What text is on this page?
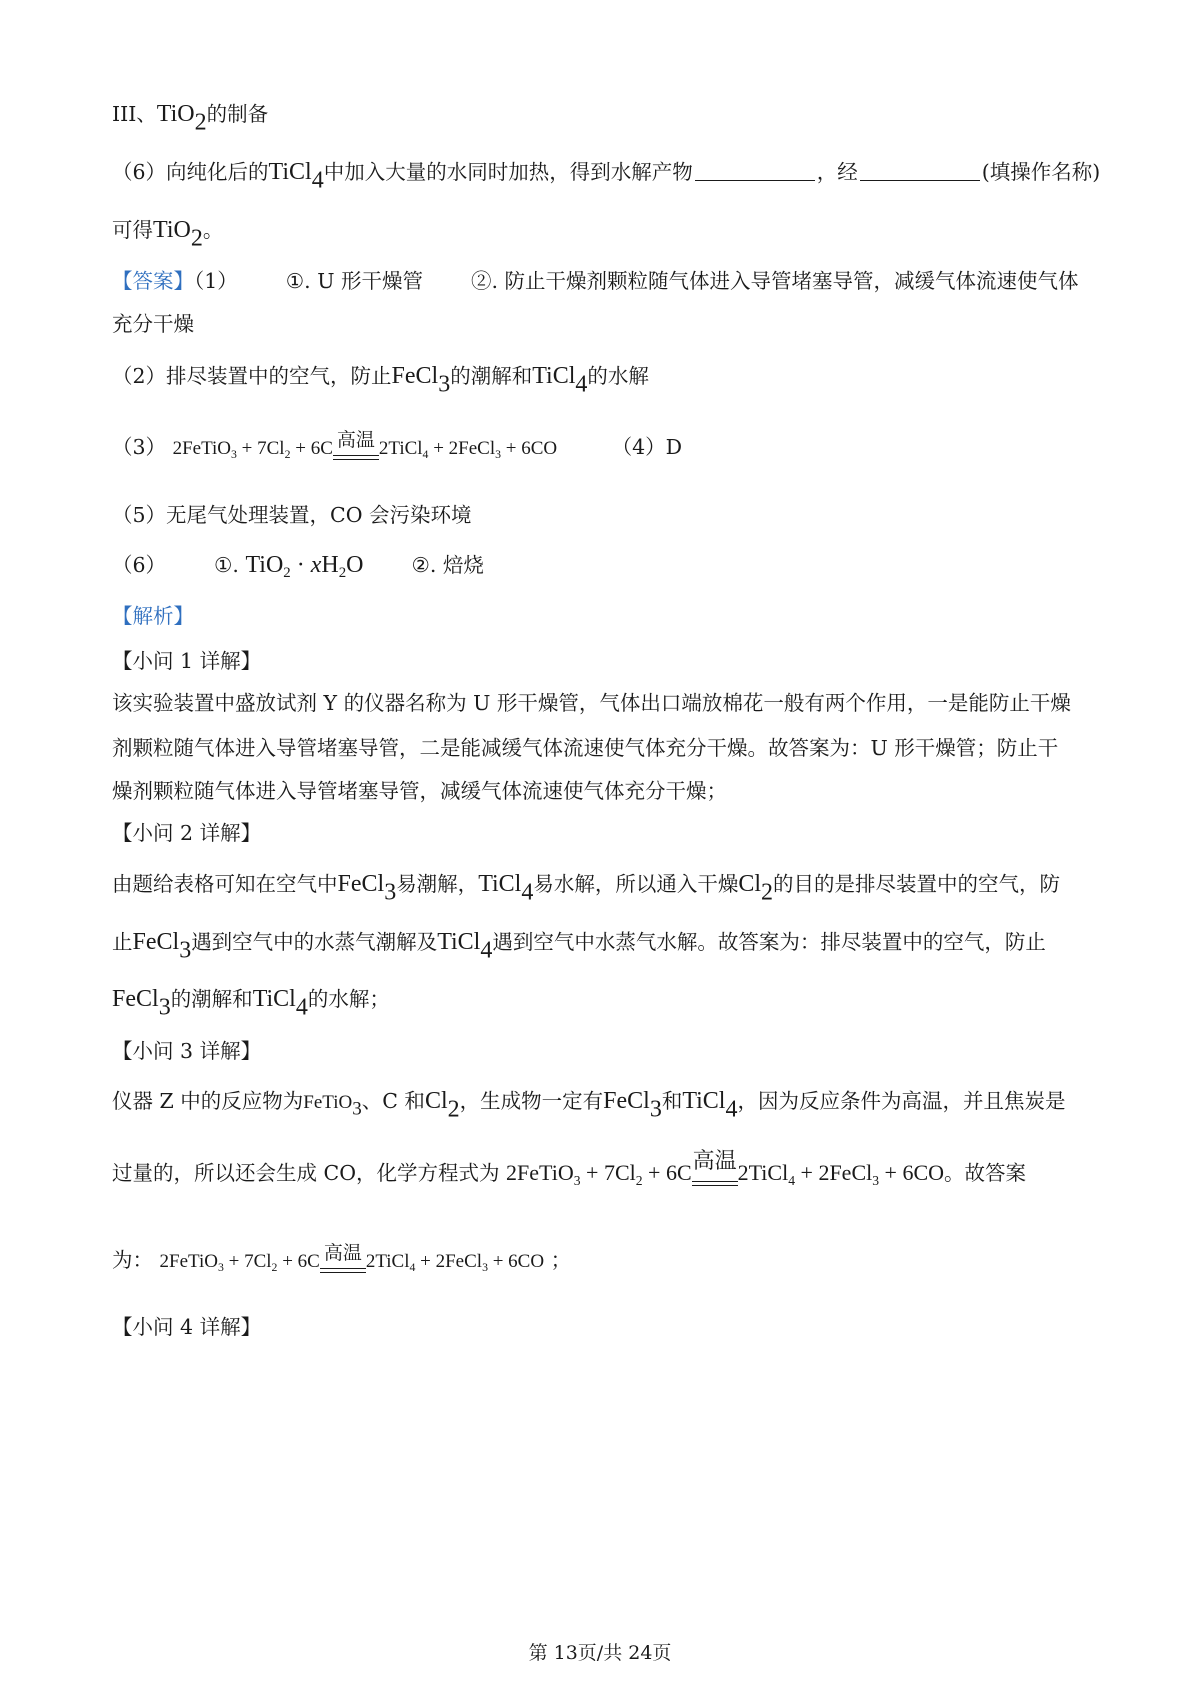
III、TiO$_2$的制备
（6）向纯化后的TiCl$_4$中加入大量的水同时加热，得到水解产物	，经	(填操作名称)
可得TiO$_2$。
【答案】（1） ①. U 形干燥管 ②. 防止干燥剂颗粒随气体进入导管堵塞导管，减缓气体流速使气体
充分干燥
（2）排尽装置中的空气，防止FeCl$_3$的潮解和TiCl$_4$的水解
（3） 2FeTiO$_3$ + $7Cl_2 + 6C$ 高温 2TiCl$_4$ + 2FeCl$_3$ + 6CO	（4）D
（5）无尾气处理装置，CO 会污染环境
（6） ①. $TiO_2 \cdot xH_2O$ ②. 焙烧
【解析】
【小问 1 详解】
该实验装置中盛放试剂 Y 的仪器名称为 U 形干燥管，气体出口端放棉花一般有两个作用，一是能防止干燥
剂颗粒随气体进入导管堵塞导管，二是能减缓气体流速使气体充分干燥。故答案为：U 形干燥管；防止干
燥剂颗粒随气体进入导管堵塞导管，减缓气体流速使气体充分干燥；
【小问 2 详解】
由题给表格可知在空气中FeCl$_3$易潮解，TiCl$_4$易水解，所以通入干燥$Cl_2$的目的是排尽装置中的空气，防
止FeCl$_3$遇到空气中的水蒸气潮解及TiCl$_4$遇到空气中水蒸气水解。故答案为：排尽装置中的空气，防止
FeCl$_3$的潮解和TiCl$_4$的水解；
【小问 3 详解】
仪器 Z 中的反应物为FeTiO$_3$、C 和$Cl_2$，生成物一定有FeCl$_3$和TiCl$_4$，因为反应条件为高温，并且焦炭是
过量的，所以还会生成 CO，化学方程式为 2FeTiO$_3$ + $7Cl_2 + 6C$ 高温 2TiCl$_4$ + 2FeCl$_3$ + 6CO。故答案
为： 2FeTiO$_3$ + $7Cl_2 + 6C$ 高温 2TiCl$_4$ + 2FeCl$_3$ + 6CO ；
【小问 4 详解】
第 13页/共 24页
